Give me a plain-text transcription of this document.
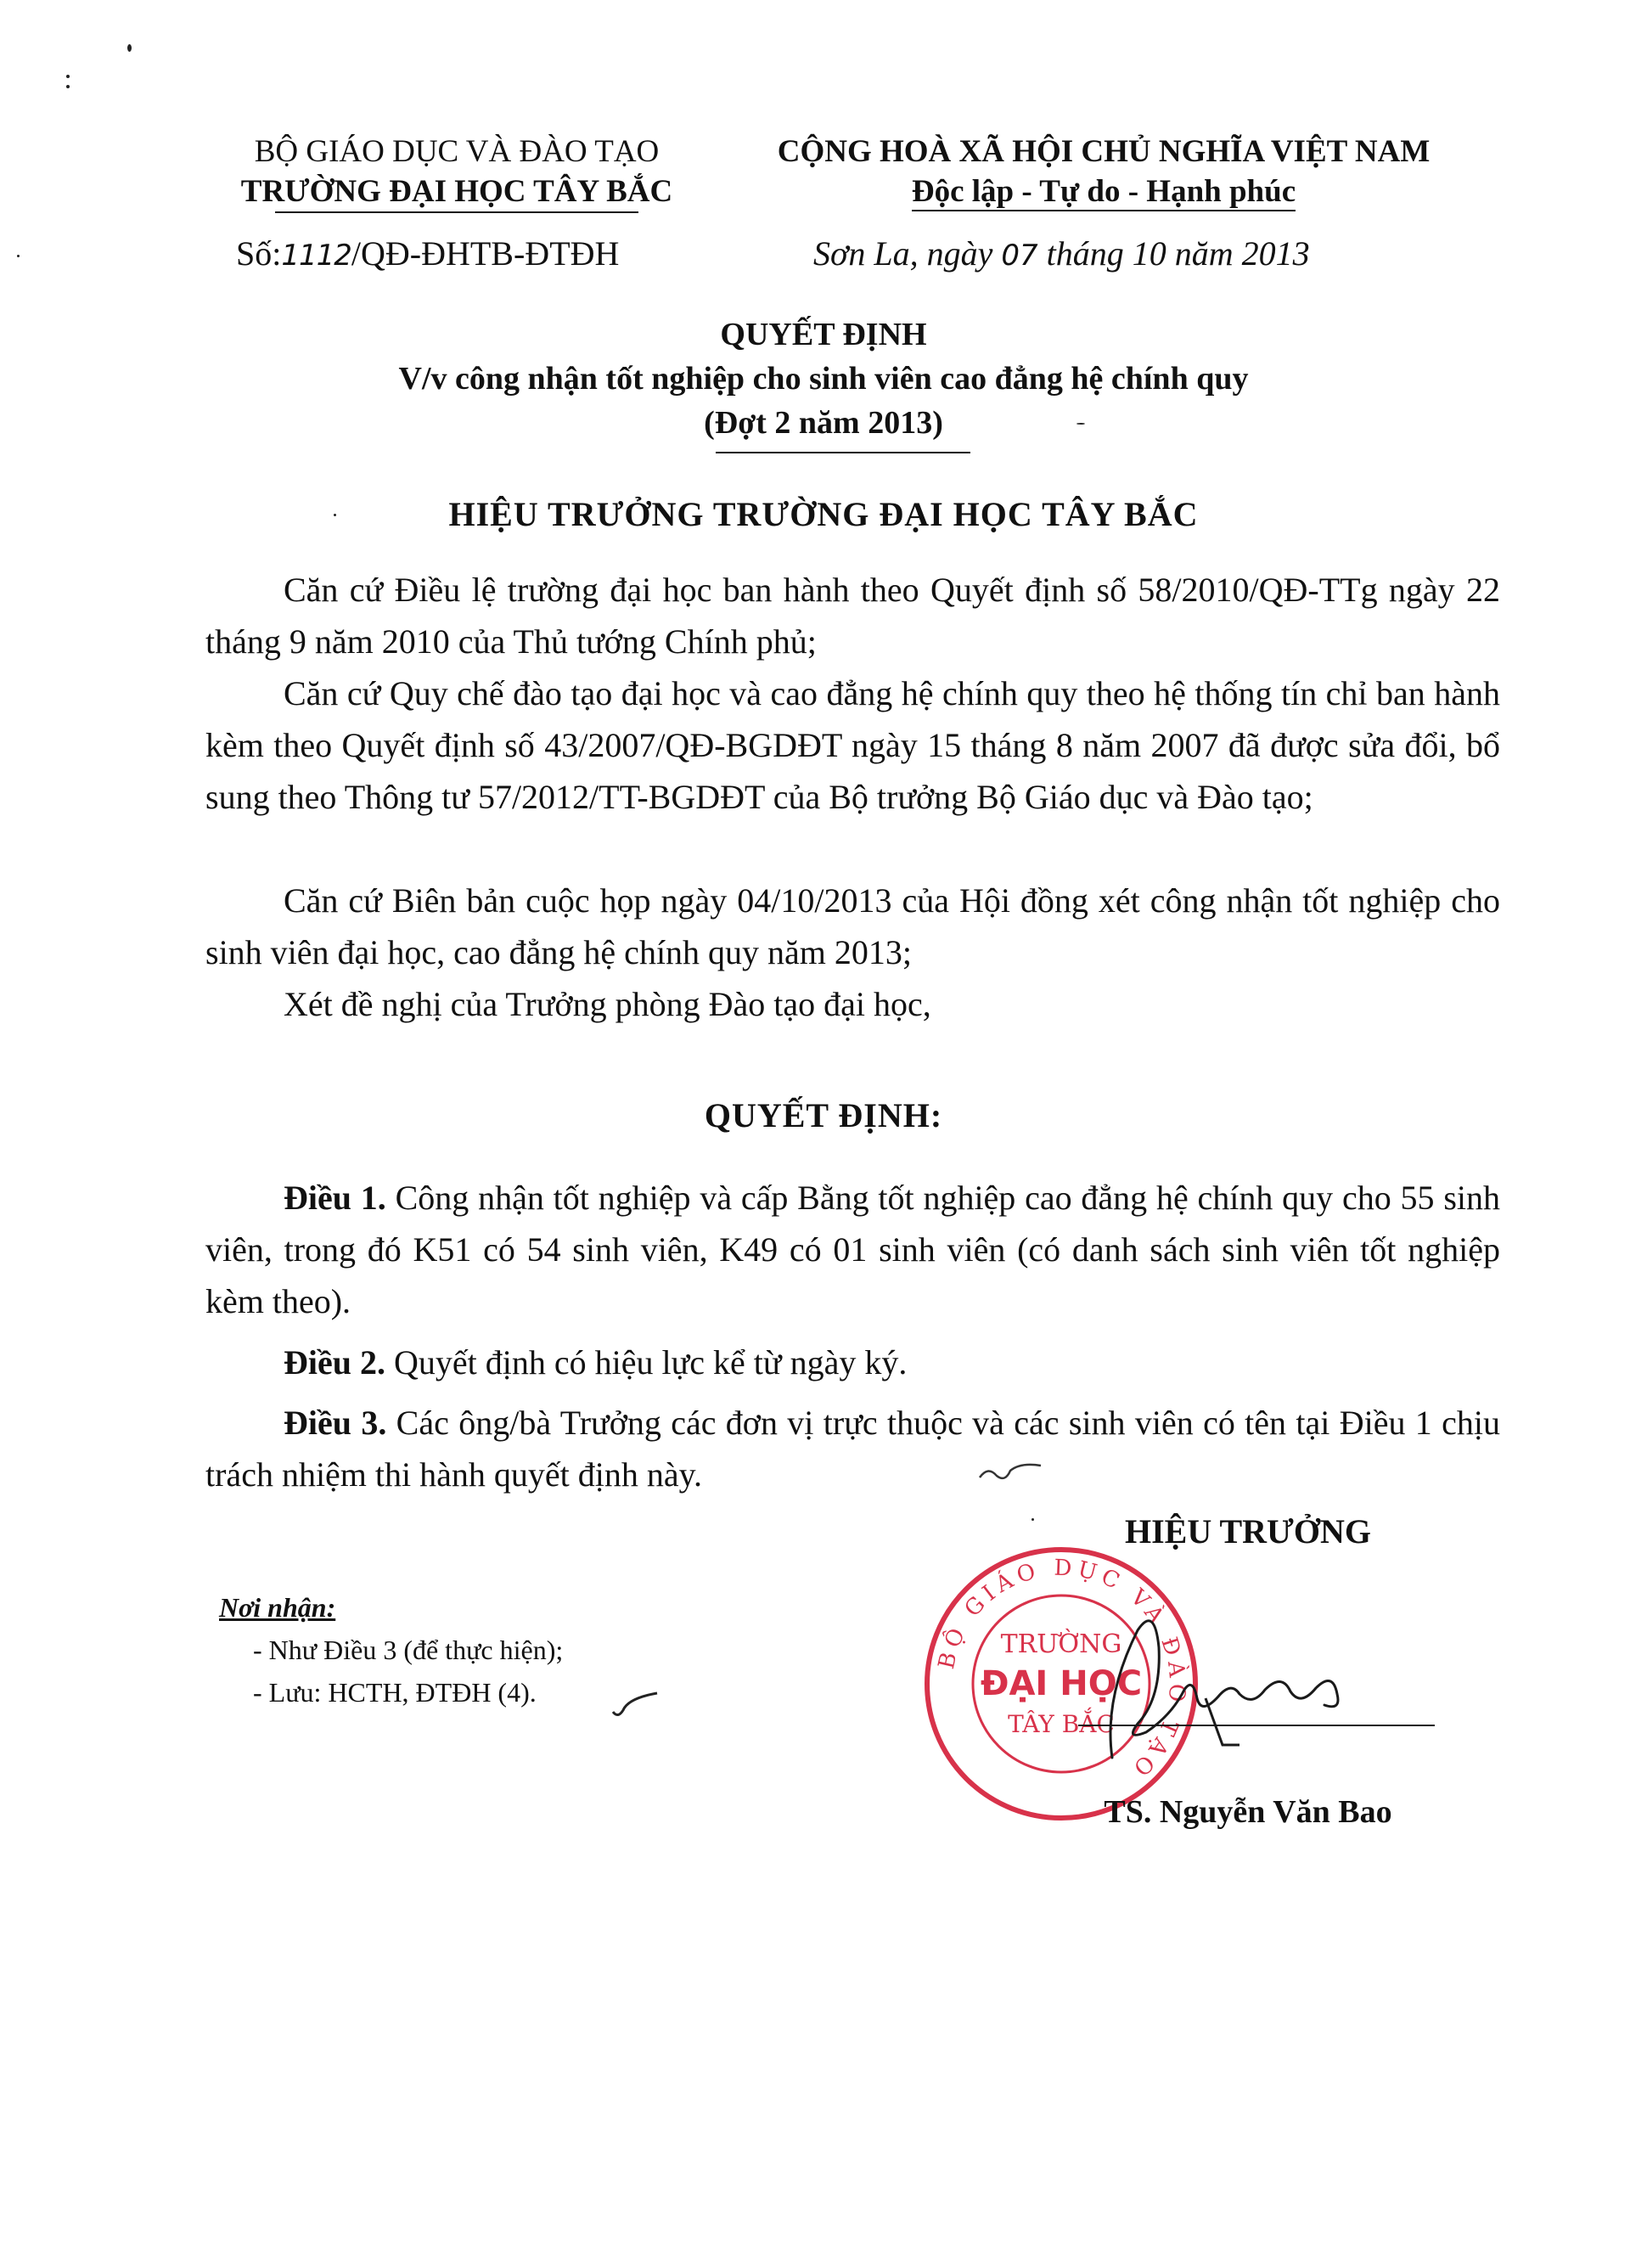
BỘ GIÁO DỤC VÀ ĐÀO TẠO
TRƯỜNG ĐẠI HỌC TÂY BẮC
Số:1112/QĐ-ĐHTB-ĐTĐH
CỘNG HOÀ XÃ HỘI CHỦ NGHĨA VIỆT NAM
Độc lập - Tự do - Hạnh phúc
Sơn La, ngày 07 tháng 10 năm 2013
QUYẾT ĐỊNH
V/v công nhận tốt nghiệp cho sinh viên cao đẳng hệ chính quy
(Đợt 2 năm 2013)
HIỆU TRƯỞNG TRƯỜNG ĐẠI HỌC TÂY BẮC
Căn cứ Điều lệ trường đại học ban hành theo Quyết định số 58/2010/QĐ-TTg ngày 22 tháng 9 năm 2010 của Thủ tướng Chính phủ;
Căn cứ Quy chế đào tạo đại học và cao đẳng hệ chính quy theo hệ thống tín chỉ ban hành kèm theo Quyết định số 43/2007/QĐ-BGDĐT ngày 15 tháng 8 năm 2007 đã được sửa đổi, bổ sung theo Thông tư 57/2012/TT-BGDĐT của Bộ trưởng Bộ Giáo dục và Đào tạo;
Căn cứ Biên bản cuộc họp ngày 04/10/2013 của Hội đồng xét công nhận tốt nghiệp cho sinh viên đại học, cao đẳng hệ chính quy năm 2013;
Xét đề nghị của Trưởng phòng Đào tạo đại học,
QUYẾT ĐỊNH:
Điều 1. Công nhận tốt nghiệp và cấp Bằng tốt nghiệp cao đẳng hệ chính quy cho 55 sinh viên, trong đó K51 có 54 sinh viên, K49 có 01 sinh viên (có danh sách sinh viên tốt nghiệp kèm theo).
Điều 2. Quyết định có hiệu lực kể từ ngày ký.
Điều 3. Các ông/bà Trưởng các đơn vị trực thuộc và các sinh viên có tên tại Điều 1 chịu trách nhiệm thi hành quyết định này.
Nơi nhận:
- Như Điều 3 (để thực hiện);
- Lưu: HCTH, ĐTĐH (4).
HIỆU TRƯỞNG
BỘ GIÁO DỤC VÀ ĐÀO TẠO
TRƯỜNG
ĐẠI HỌC
TÂY BẮC
TS. Nguyễn Văn Bao
